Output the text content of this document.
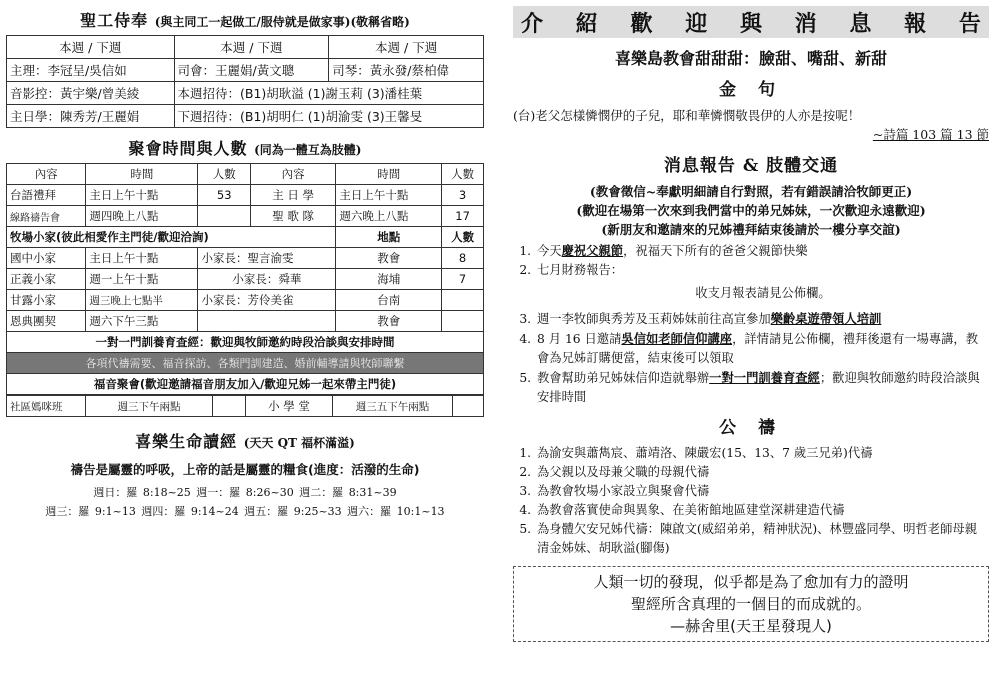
聖工侍奉 (與主同工一起做工/服侍就是做家事)(敬稱省略)
本週 / 下週	本週 / 下週	本週 / 下週
主理：李冠呈/吳信如	司會：王麗娟/黃文聰	司琴：黃永發/蔡柏偉
音影控：黃宇樂/曾美綾	本週招待：(B1)胡耿溢 (1)謝玉莉 (3)潘桂葉	
主日學：陳秀芳/王麗娟	下週招待：(B1)胡明仁 (1)胡渝雯 (3)王馨旻	
聚會時間與人數 (同為一體互為肢體)
內容	時間	人數	內容	時間	人數
台語禮拜	主日上午十點	53	主 日 學	主日上午十點	3
線路禱告會	週四晚上八點		聖 歌 隊	週六晚上八點	17
牧場小家(彼此相愛作主門徒/歡迎洽詢)				地點	人數
國中小家	主日上午十點	小家長：聖言渝雯		教會	8
正義小家	週一上午十點	小家長：舜華		海埔	7
甘露小家	週三晚上七點半	小家長：芳伶美雀		台南	
恩典團契	週六下午三點			教會	
一對一門訓養育查經：歡迎與牧師邀約時段洽談與安排時間					
各項代禱需要、福音探訪、各類門訓建造、婚前輔導請與牧師聯繫					
福音聚會(歡迎邀請福音朋友加入/歡迎兄姊一起來帶主門徒)					
社區媽咪班	週三下午兩點		小 學 堂	週三五下午兩點	
喜樂生命讀經 (天天 QT 福杯滿溢)
禱告是屬靈的呼吸，上帝的話是屬靈的糧食(進度：活潑的生命)
週日：羅 8:18~25 週一：羅 8:26~30 週二：羅 8:31~39
週三：羅 9:1~13 週四：羅 9:14~24 週五：羅 9:25~33 週六：羅 10:1~13
介 紹 歡 迎 與 消 息 報 告
喜樂島教會甜甜甜：臉甜、嘴甜、新甜
金 句
(台)老父怎樣憐憫伊的子兒，耶和華憐憫敬畏伊的人亦是按呢！
~詩篇 103 篇 13 節
消息報告 & 肢體交通
(教會徵信~奉獻明細請自行對照，若有錯誤請洽牧師更正)
(歡迎在場第一次來到我們當中的弟兄姊妹，一次歡迎永遠歡迎)
(新朋友和邀請來的兄姊禮拜結束後請於一樓分享交誼)
1. 今天慶祝父親節，祝福天下所有的爸爸父親節快樂
2. 七月財務報告：
收支月報表請見公佈欄。
3. 週一李牧師與秀芳及玉莉姊妹前往高宣參加樂齡桌遊帶領人培訓
4. 8 月 16 日邀請吳信如老師信仰講座，詳情請見公佈欄，禮拜後還有一場專講，教會為兄姊訂購便當，結束後可以領取
5. 教會幫助弟兄姊妹信仰造就舉辦一對一門訓養育查經；歡迎與牧師邀約時段洽談與安排時間
公 禱
1. 為渝安與蕭雋宸、蕭靖洛、陳嚴宏(15、13、7 歲三兄弟)代禱
2. 為父親以及母兼父職的母親代禱
3. 為教會牧場小家設立與聚會代禱
4. 為教會落實使命與異象、在美術館地區建堂深耕建造代禱
5. 為身體欠安兄姊代禱：陳啟文(威紹弟弟，精神狀況)、林豐盛同學、明哲老師母親清金姊妹、胡耿溢(腳傷)
人類一切的發現，似乎都是為了愈加有力的證明
聖經所含真理的一個目的而成就的。
—赫舍里(天王星發現人)
